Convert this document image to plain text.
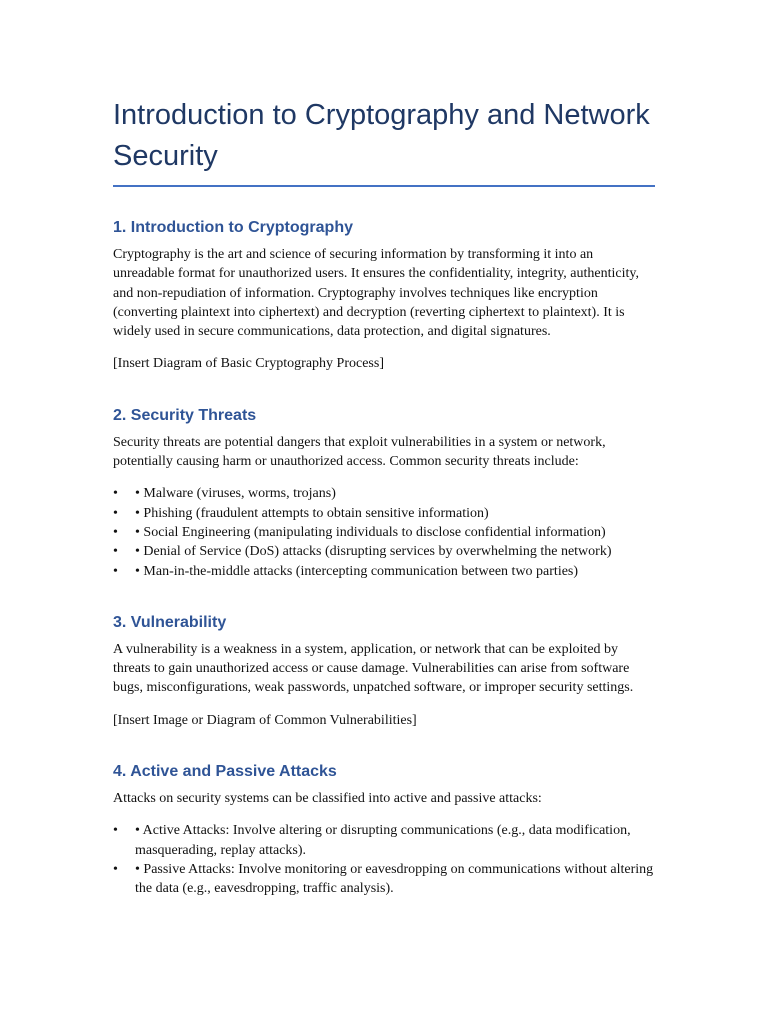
Introduction to Cryptography and Network Security
1. Introduction to Cryptography

Cryptography is the art and science of securing information by transforming it into an unreadable format for unauthorized users. It ensures the confidentiality, integrity, authenticity, and non-repudiation of information. Cryptography involves techniques like encryption (converting plaintext into ciphertext) and decryption (reverting ciphertext to plaintext). It is widely used in secure communications, data protection, and digital signatures.

[Insert Diagram of Basic Cryptography Process]

2. Security Threats

Security threats are potential dangers that exploit vulnerabilities in a system or network, potentially causing harm or unauthorized access. Common security threats include:

• • Malware (viruses, worms, trojans)
• • Phishing (fraudulent attempts to obtain sensitive information)
• • Social Engineering (manipulating individuals to disclose confidential information)
• • Denial of Service (DoS) attacks (disrupting services by overwhelming the network)
• • Man-in-the-middle attacks (intercepting communication between two parties)
3. Vulnerability

A vulnerability is a weakness in a system, application, or network that can be exploited by threats to gain unauthorized access or cause damage. Vulnerabilities can arise from software bugs, misconfigurations, weak passwords, unpatched software, or improper security settings.

[Insert Image or Diagram of Common Vulnerabilities]

4. Active and Passive Attacks

Attacks on security systems can be classified into active and passive attacks:

• • Active Attacks: Involve altering or disrupting communications (e.g., data modification, masquerading, replay attacks).
• • Passive Attacks: Involve monitoring or eavesdropping on communications without altering the data (e.g., eavesdropping, traffic analysis).
